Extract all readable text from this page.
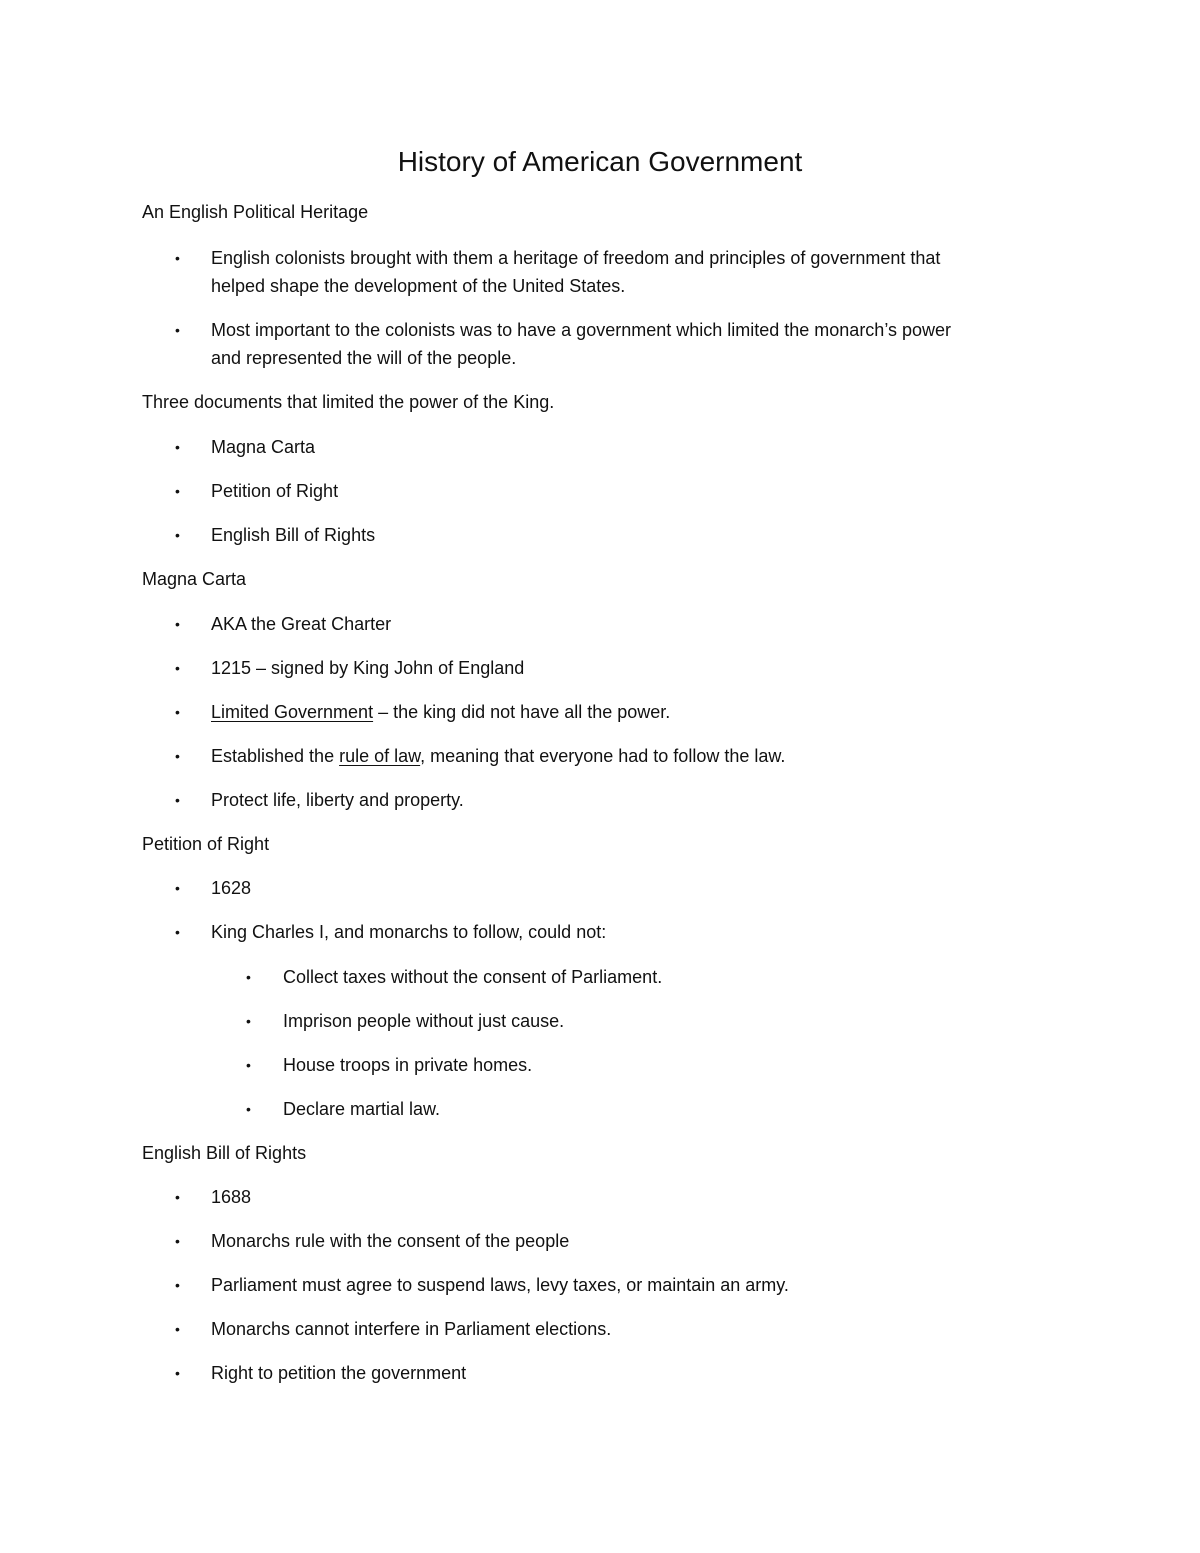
History of American Government
An English Political Heritage
•	English colonists brought with them a heritage of freedom and principles of government that
helped shape the development of the United States.
•	Most important to the colonists was to have a government which limited the monarch’s power
and represented the will of the people.
Three documents that limited the power of the King.
•	Magna Carta
•	Petition of Right
•	English Bill of Rights
Magna Carta
•	AKA the Great Charter
•	1215 – signed by King John of England
•	Limited Government – the king did not have all the power.
•	Established the rule of law, meaning that everyone had to follow the law.
•	Protect life, liberty and property.
Petition of Right
•	1628
•	King Charles I, and monarchs to follow, could not:
•	Collect taxes without the consent of Parliament.
•	Imprison people without just cause.
•	House troops in private homes.
•	Declare martial law.
English Bill of Rights
•	1688
•	Monarchs rule with the consent of the people
•	Parliament must agree to suspend laws, levy taxes, or maintain an army.
•	Monarchs cannot interfere in Parliament elections.
•	Right to petition the government
